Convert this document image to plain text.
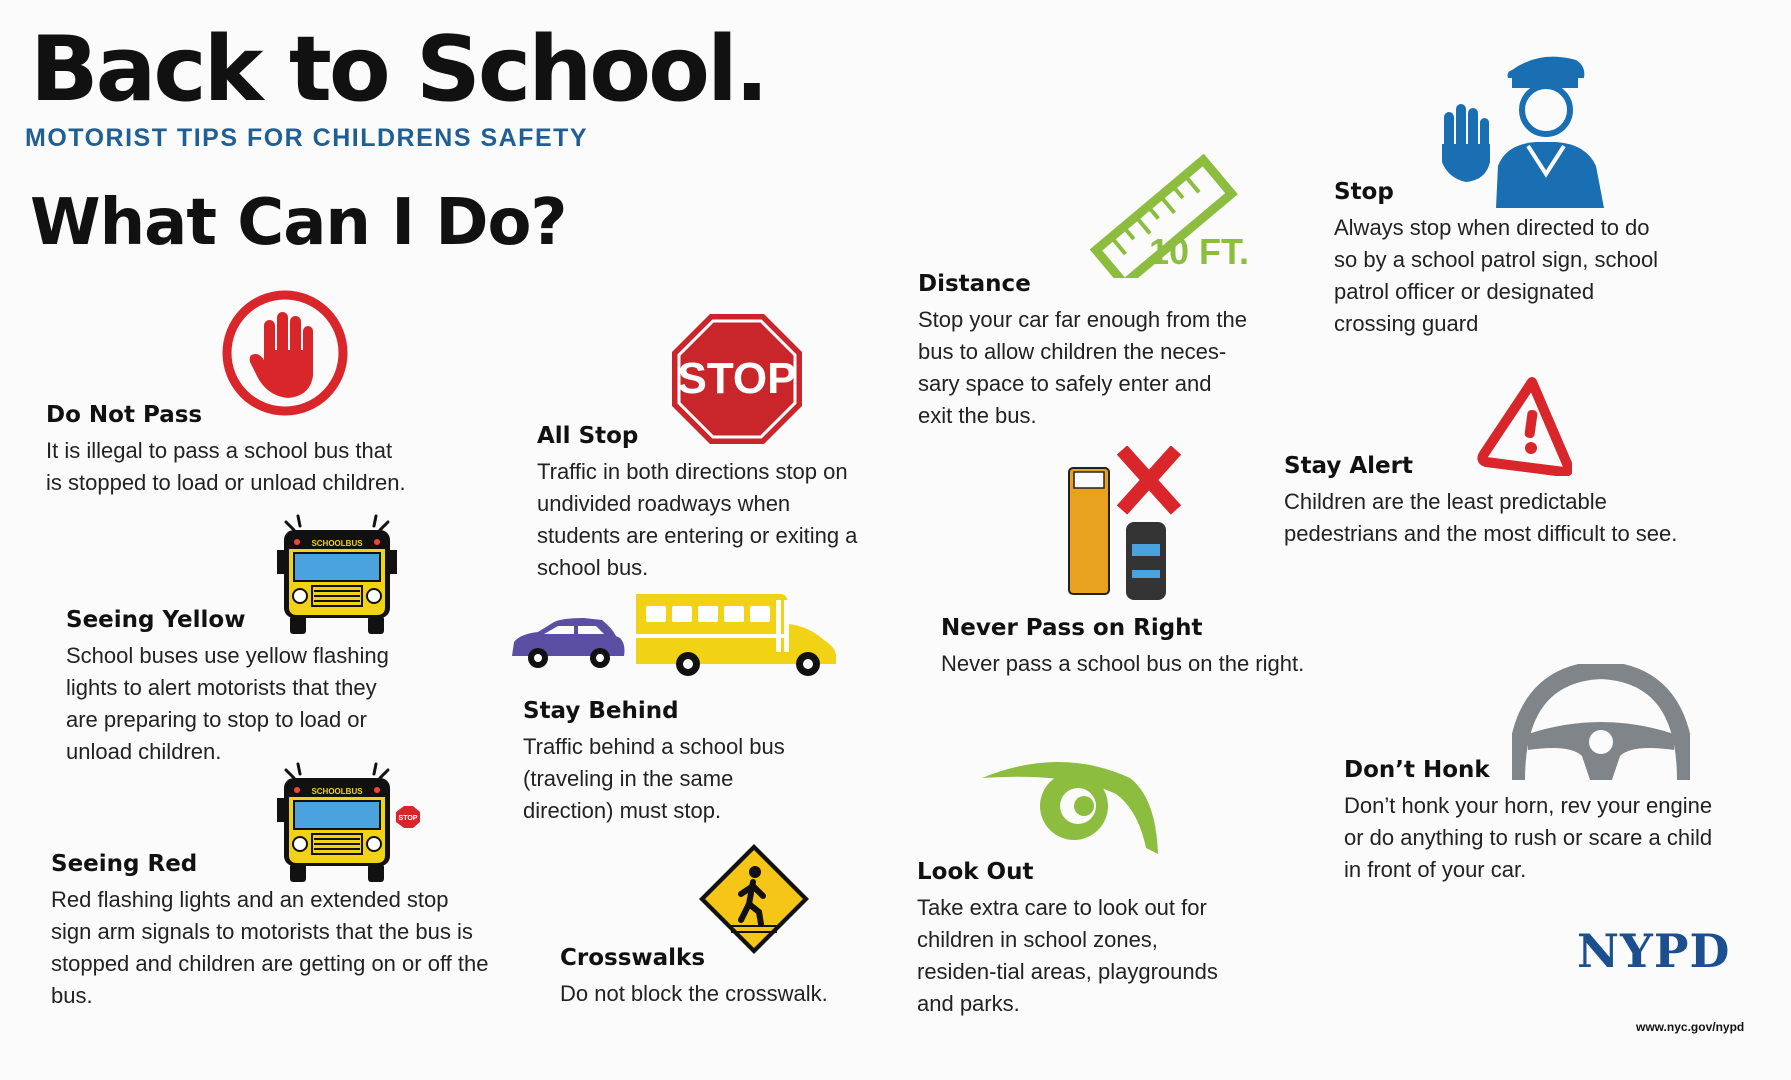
Back to School.
MOTORIST TIPS FOR CHILDRENS SAFETY
What Can I Do?
SCHOOLBUS
SCHOOLBUS
STOP
STOP
10 FT.
Do Not Pass

It is illegal to pass a school bus that is stopped to load or unload children.

Seeing Yellow

School buses use yellow flashing lights to alert motorists that they are preparing to stop to load or unload children.

Seeing Red

Red flashing lights and an extended stop sign arm signals to motorists that the bus is stopped and children are getting on or off the bus.

All Stop

Traffic in both directions stop on undivided roadways when students are entering or exiting a school bus.

Stay Behind

Traffic behind a school bus (traveling in the same direction) must stop.

Crosswalks

Do not block the crosswalk.

Distance

Stop your car far enough from the bus to allow children the neces-sary space to safely enter and exit the bus.

Never Pass on Right

Never pass a school bus on the right.

Look Out

Take extra care to look out for children in school zones, residen-tial areas, playgrounds and parks.

Stop

Always stop when directed to do so by a school patrol sign, school patrol officer or designated crossing guard

Stay Alert

Children are the least predictable pedestrians and the most difficult to see.

Don’t Honk

Don’t honk your horn, rev your engine or do anything to rush or scare a child in front of your car.

NYPD
www.nyc.gov/nypd
